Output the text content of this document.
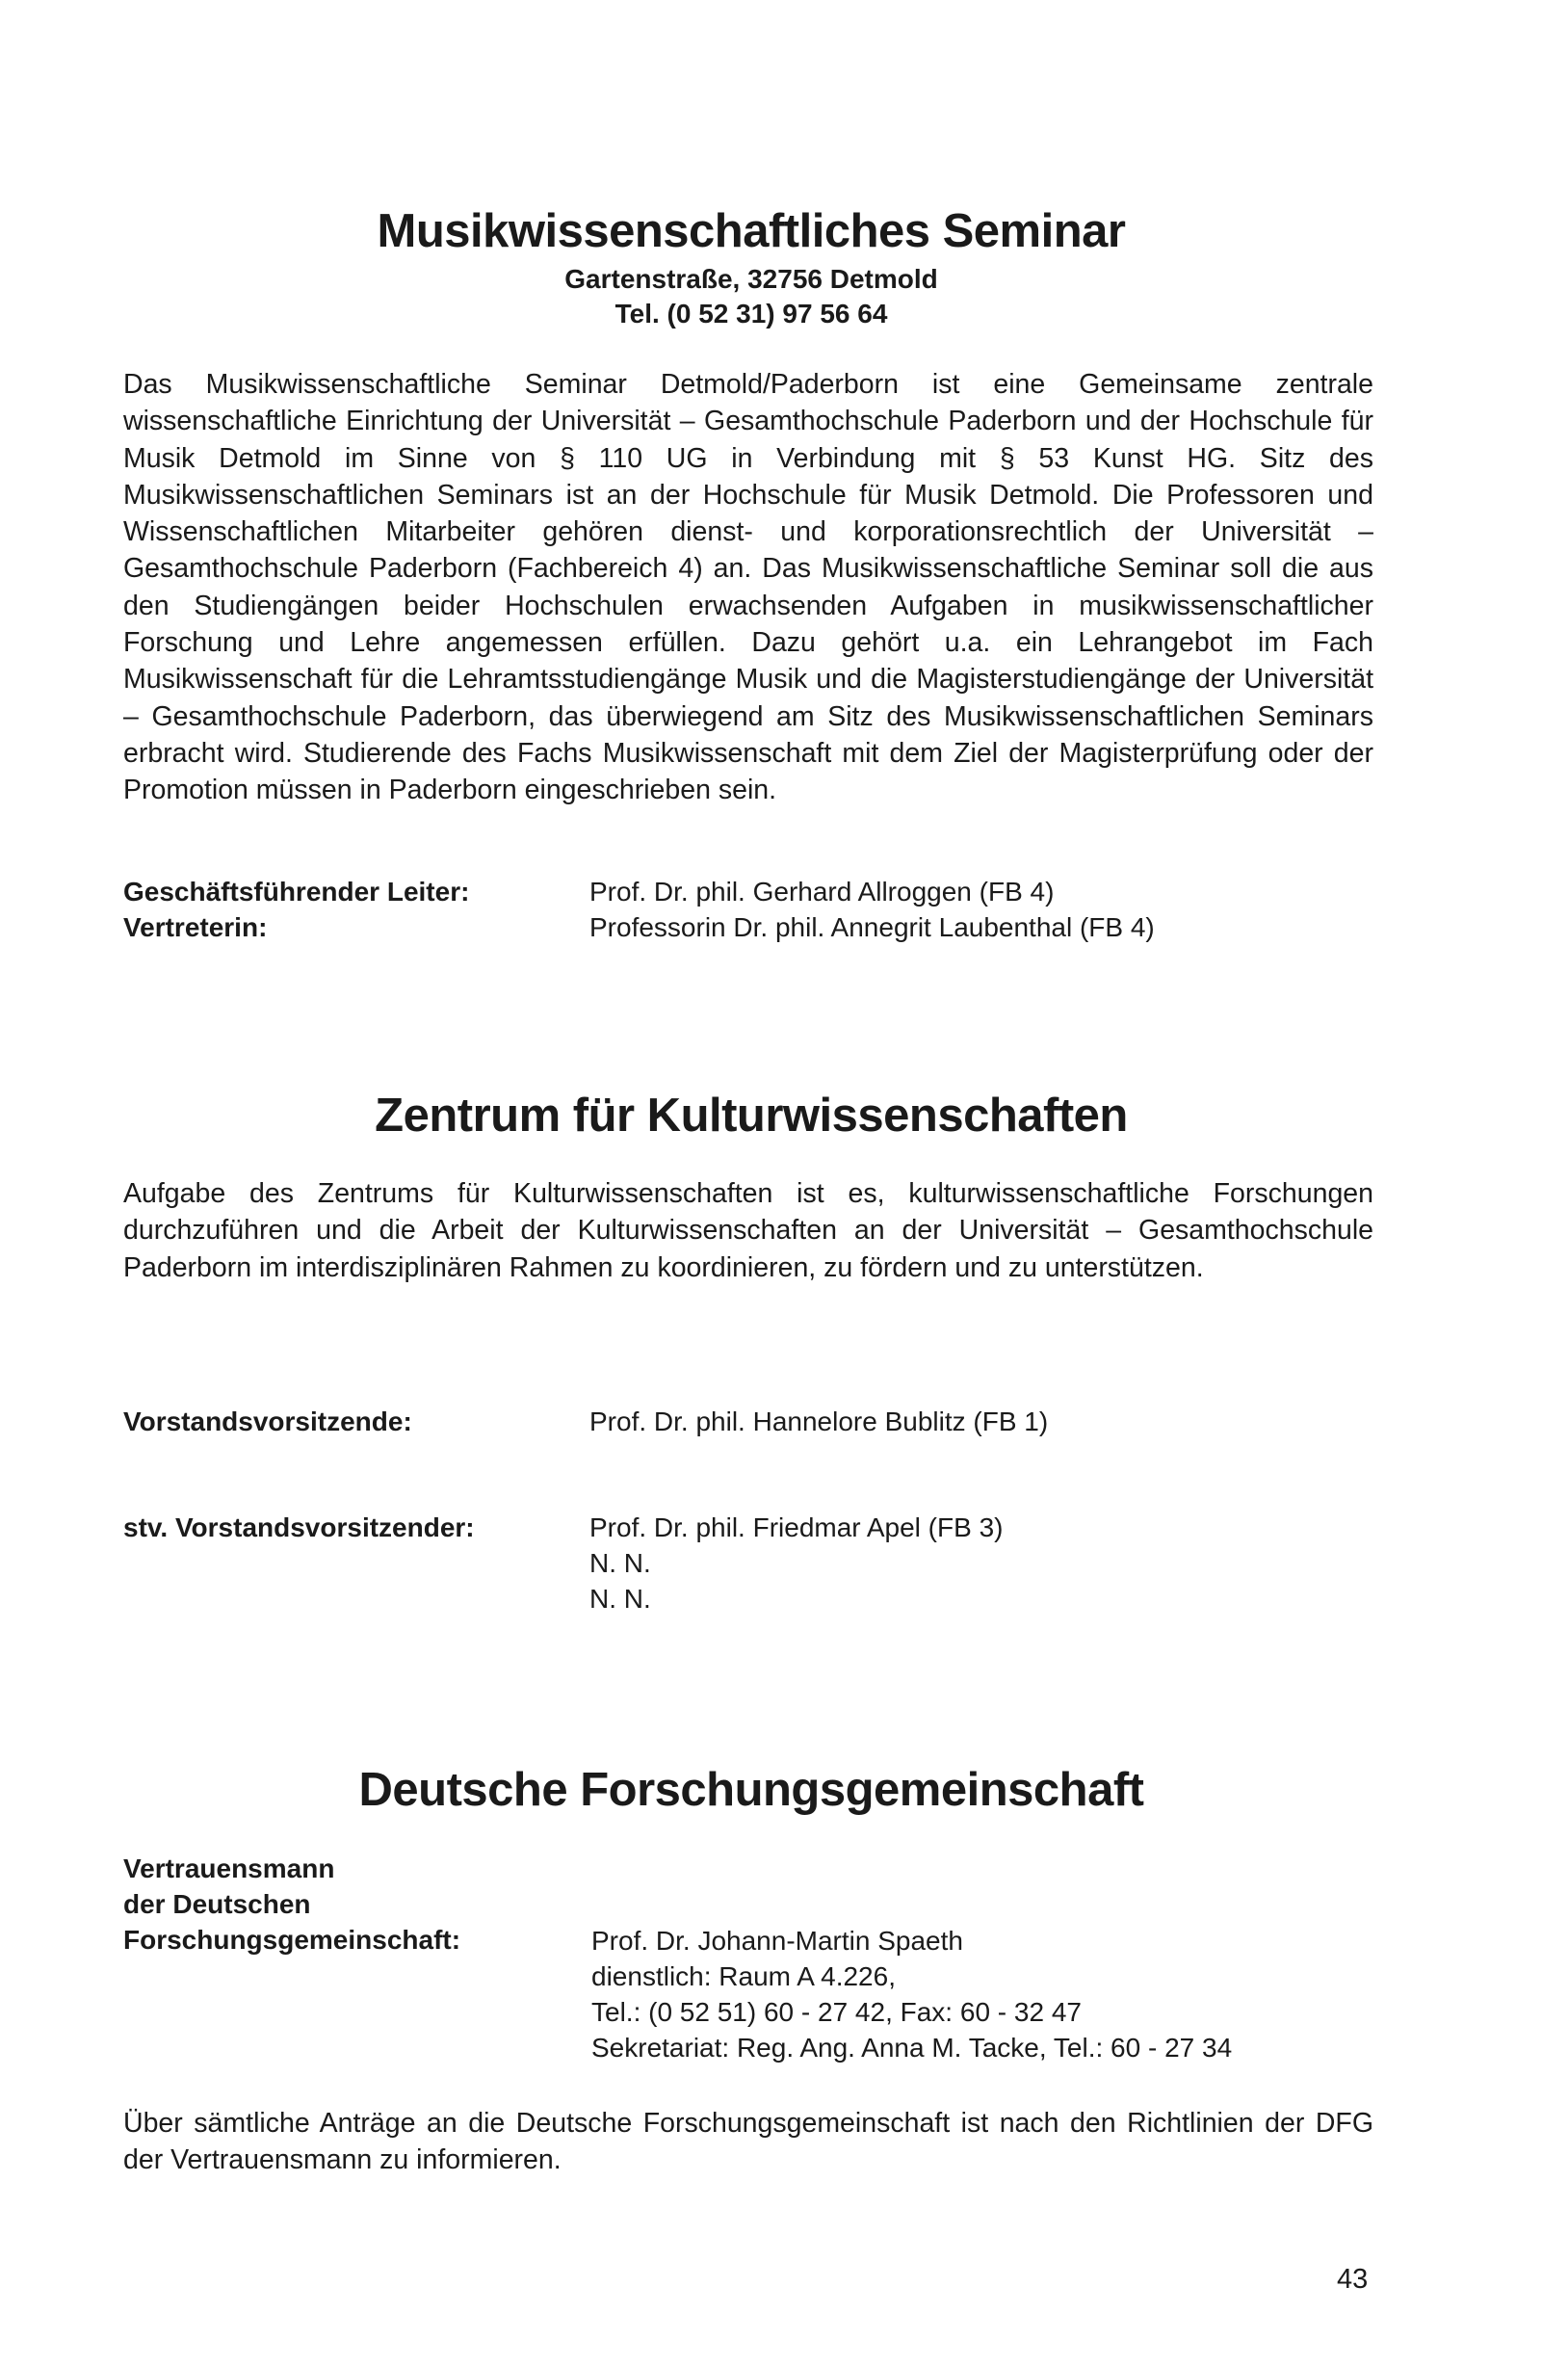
Musikwissenschaftliches Seminar
Gartenstraße, 32756 Detmold
Tel. (0 52 31) 97 56 64

Das Musikwissenschaftliche Seminar Detmold/Paderborn ist eine Gemeinsame zentrale wissenschaftliche Einrichtung der Universität – Gesamthochschule Paderborn und der Hochschule für Musik Detmold im Sinne von § 110 UG in Verbindung mit § 53 Kunst HG. Sitz des Musikwissenschaftlichen Seminars ist an der Hochschule für Musik Detmold. Die Professoren und Wissenschaftlichen Mitarbeiter gehören dienst- und korporationsrechtlich der Universität – Gesamthochschule Paderborn (Fachbereich 4) an. Das Musikwissenschaftliche Seminar soll die aus den Studiengängen beider Hochschulen erwachsenden Aufgaben in musikwissenschaftlicher Forschung und Lehre angemessen erfüllen. Dazu gehört u.a. ein Lehrangebot im Fach Musikwissenschaft für die Lehramtsstudiengänge Musik und die Magisterstudiengänge der Universität – Gesamthochschule Paderborn, das überwiegend am Sitz des Musikwissenschaftlichen Seminars erbracht wird. Studierende des Fachs Musikwissenschaft mit dem Ziel der Magisterprüfung oder der Promotion müssen in Paderborn eingeschrieben sein.

Geschäftsführender Leiter:	Prof. Dr. phil. Gerhard Allroggen (FB 4)
Vertreterin:	Professorin Dr. phil. Annegrit Laubenthal (FB 4)
Zentrum für Kulturwissenschaften

Aufgabe des Zentrums für Kulturwissenschaften ist es, kulturwissenschaftliche Forschungen durchzuführen und die Arbeit der Kulturwissenschaften an der Universität – Gesamthochschule Paderborn im interdisziplinären Rahmen zu koordinieren, zu fördern und zu unterstützen.

Vorstandsvorsitzende:	Prof. Dr. phil. Hannelore Bublitz (FB 1)
stv. Vorstandsvorsitzender:	Prof. Dr. phil. Friedmar Apel (FB 3)
N. N.
N. N.
Deutsche Forschungsgemeinschaft
Vertrauensmann
der Deutschen
Forschungsgemeinschaft:	Prof. Dr. Johann-Martin Spaeth
dienstlich: Raum A 4.226,
Tel.: (0 52 51) 60 - 27 42, Fax: 60 - 32 47
Sekretariat: Reg. Ang. Anna M. Tacke, Tel.: 60 - 27 34

Über sämtliche Anträge an die Deutsche Forschungsgemeinschaft ist nach den Richtlinien der DFG der Vertrauensmann zu informieren.

43
